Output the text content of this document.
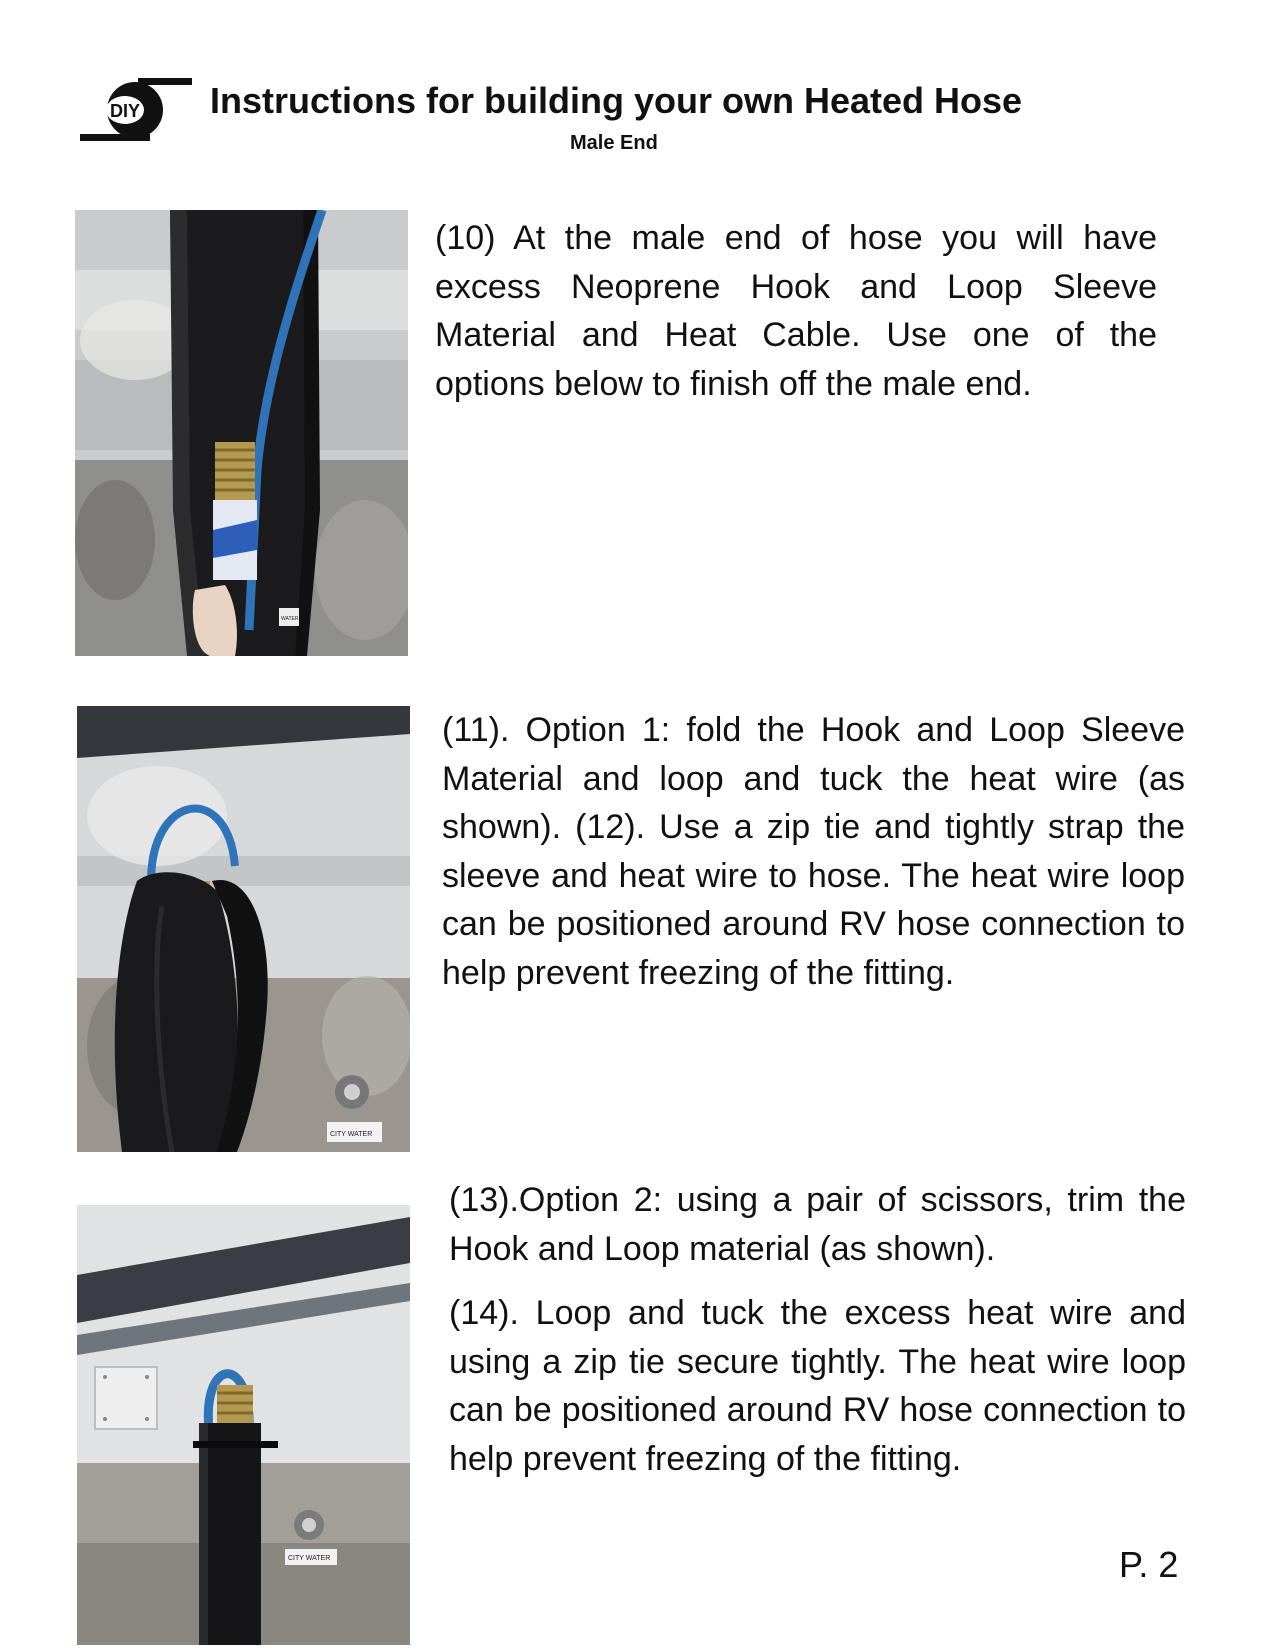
DIY Instructions for building your own Heated Hose
Male End
WATER
CITY WATER
CITY WATER

(10) At the male end of hose you will have excess Neoprene Hook and Loop Sleeve Material and Heat Cable. Use one of the options below to finish off the male end.

(11). Option 1: fold the Hook and Loop Sleeve Material and loop and tuck the heat wire (as shown). (12). Use a zip tie and tightly strap the sleeve and heat wire to hose. The heat wire loop can be positioned around RV hose connection to help prevent freezing of the fitting.

(13).Option 2: using a pair of scissors, trim the Hook and Loop material (as shown).

(14). Loop and tuck the excess heat wire and using a zip tie secure tightly. The heat wire loop can be positioned around RV hose connection to help prevent freezing of the fitting.

P. 2
